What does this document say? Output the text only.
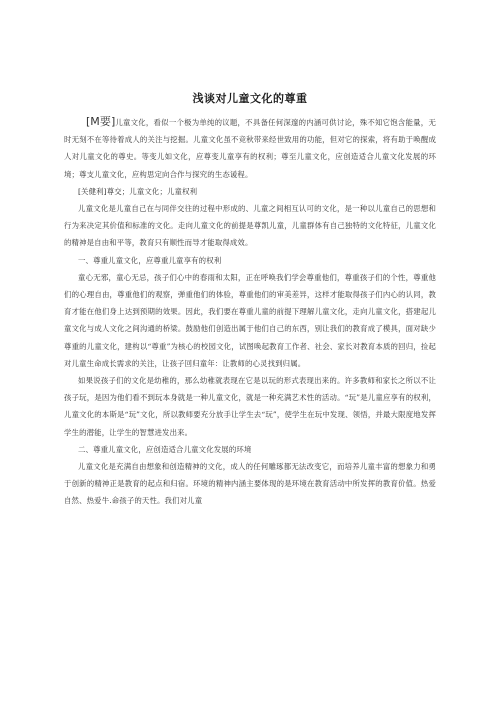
浅谈对儿童文化的尊重

[M要]儿童文化，看似一个极为单纯的议题，不具备任何深邃的内涵可供讨论，殊不知它饱含能量，无时无刻不在等待着成人的关注与挖掘。儿童文化虽不竞秋带来经世致用的功能，但对它的探索，将有助于唤醒成人对儿童文化的尊史。等变儿如文化，应尊变儿童享有的权利；尊至儿童文化，应创造适合儿童文化发展的环境；尊支儿童文化，应构思定向合作与探究的生态谖程。

[关健利]尊交；儿童文化；儿童权利

儿童文化是儿童自己在与同伴交往的过程中形成的、儿童之间相互认可的文化，是一种以儿童自己的思想和行为来决定其价值和标准的文化。走向儿童文化的前提是尊凯儿童，儿童群体有自己独特的文化特征，儿童文化的精神是自由和平等，教育只有顺性而导才能取得成效。

一、尊重儿童文化，应尊重儿童享有的权利

童心无邪，童心无忌，孩子们心中的春雨和太阳，正在呼唤我们学会尊重他们，尊重孩子们的个性，尊重他们的心理自由，尊重他们的观察，弹重他们的体验，尊重他们的审美差异，这样才能取得孩子们内心的认同，教育才能在他们身上达到预期的效果。因此，我们要在尊重儿童的前提下理解儿童文化，走向儿童文化，搭建起儿童文化与成人文化之间沟通的桥梁。鼓励他们创造出属于他们自己的东西，别让我们的教育成了模具，面对缺少尊重的儿童文化，建构以“尊重”为核心的校园文化，试图唤起教育工作者、社会、家长对教育本质的回归，捡起对儿童生命成长需求的关注，让孩子回归童年：让教师的心灵找到归属。

如果说孩子们的文化是幼稚的，那么幼稚就表现在它是以玩的形式表现出来的。许多教师和家长之所以不让孩子玩，是因为他们看不到玩本身就是一种儿童文化，就是一种充满艺术性的活动。“玩”是儿童应享有的权利，儿童文化的本斯是“玩”文化，所以教师要充分放手让学生去“玩”，使学生在玩中发现、领悟，并最大限度地发挥学生的潜能，让学生的智慧进发出来。

二、尊重儿童文化，应创造适合儿童文化发展的环境

儿童文化是充满自由想象和创造精神的文化，成人的任何雕琢都无法改变它，而培养儿童丰富的想象力和勇于创新的精神正是教育的起点和归宿。环境的精神内涵主要体现的是环境在教育活动中所发挥的教育价值。热爱自然、热爱牛.命孩子的天性。我们对儿童
